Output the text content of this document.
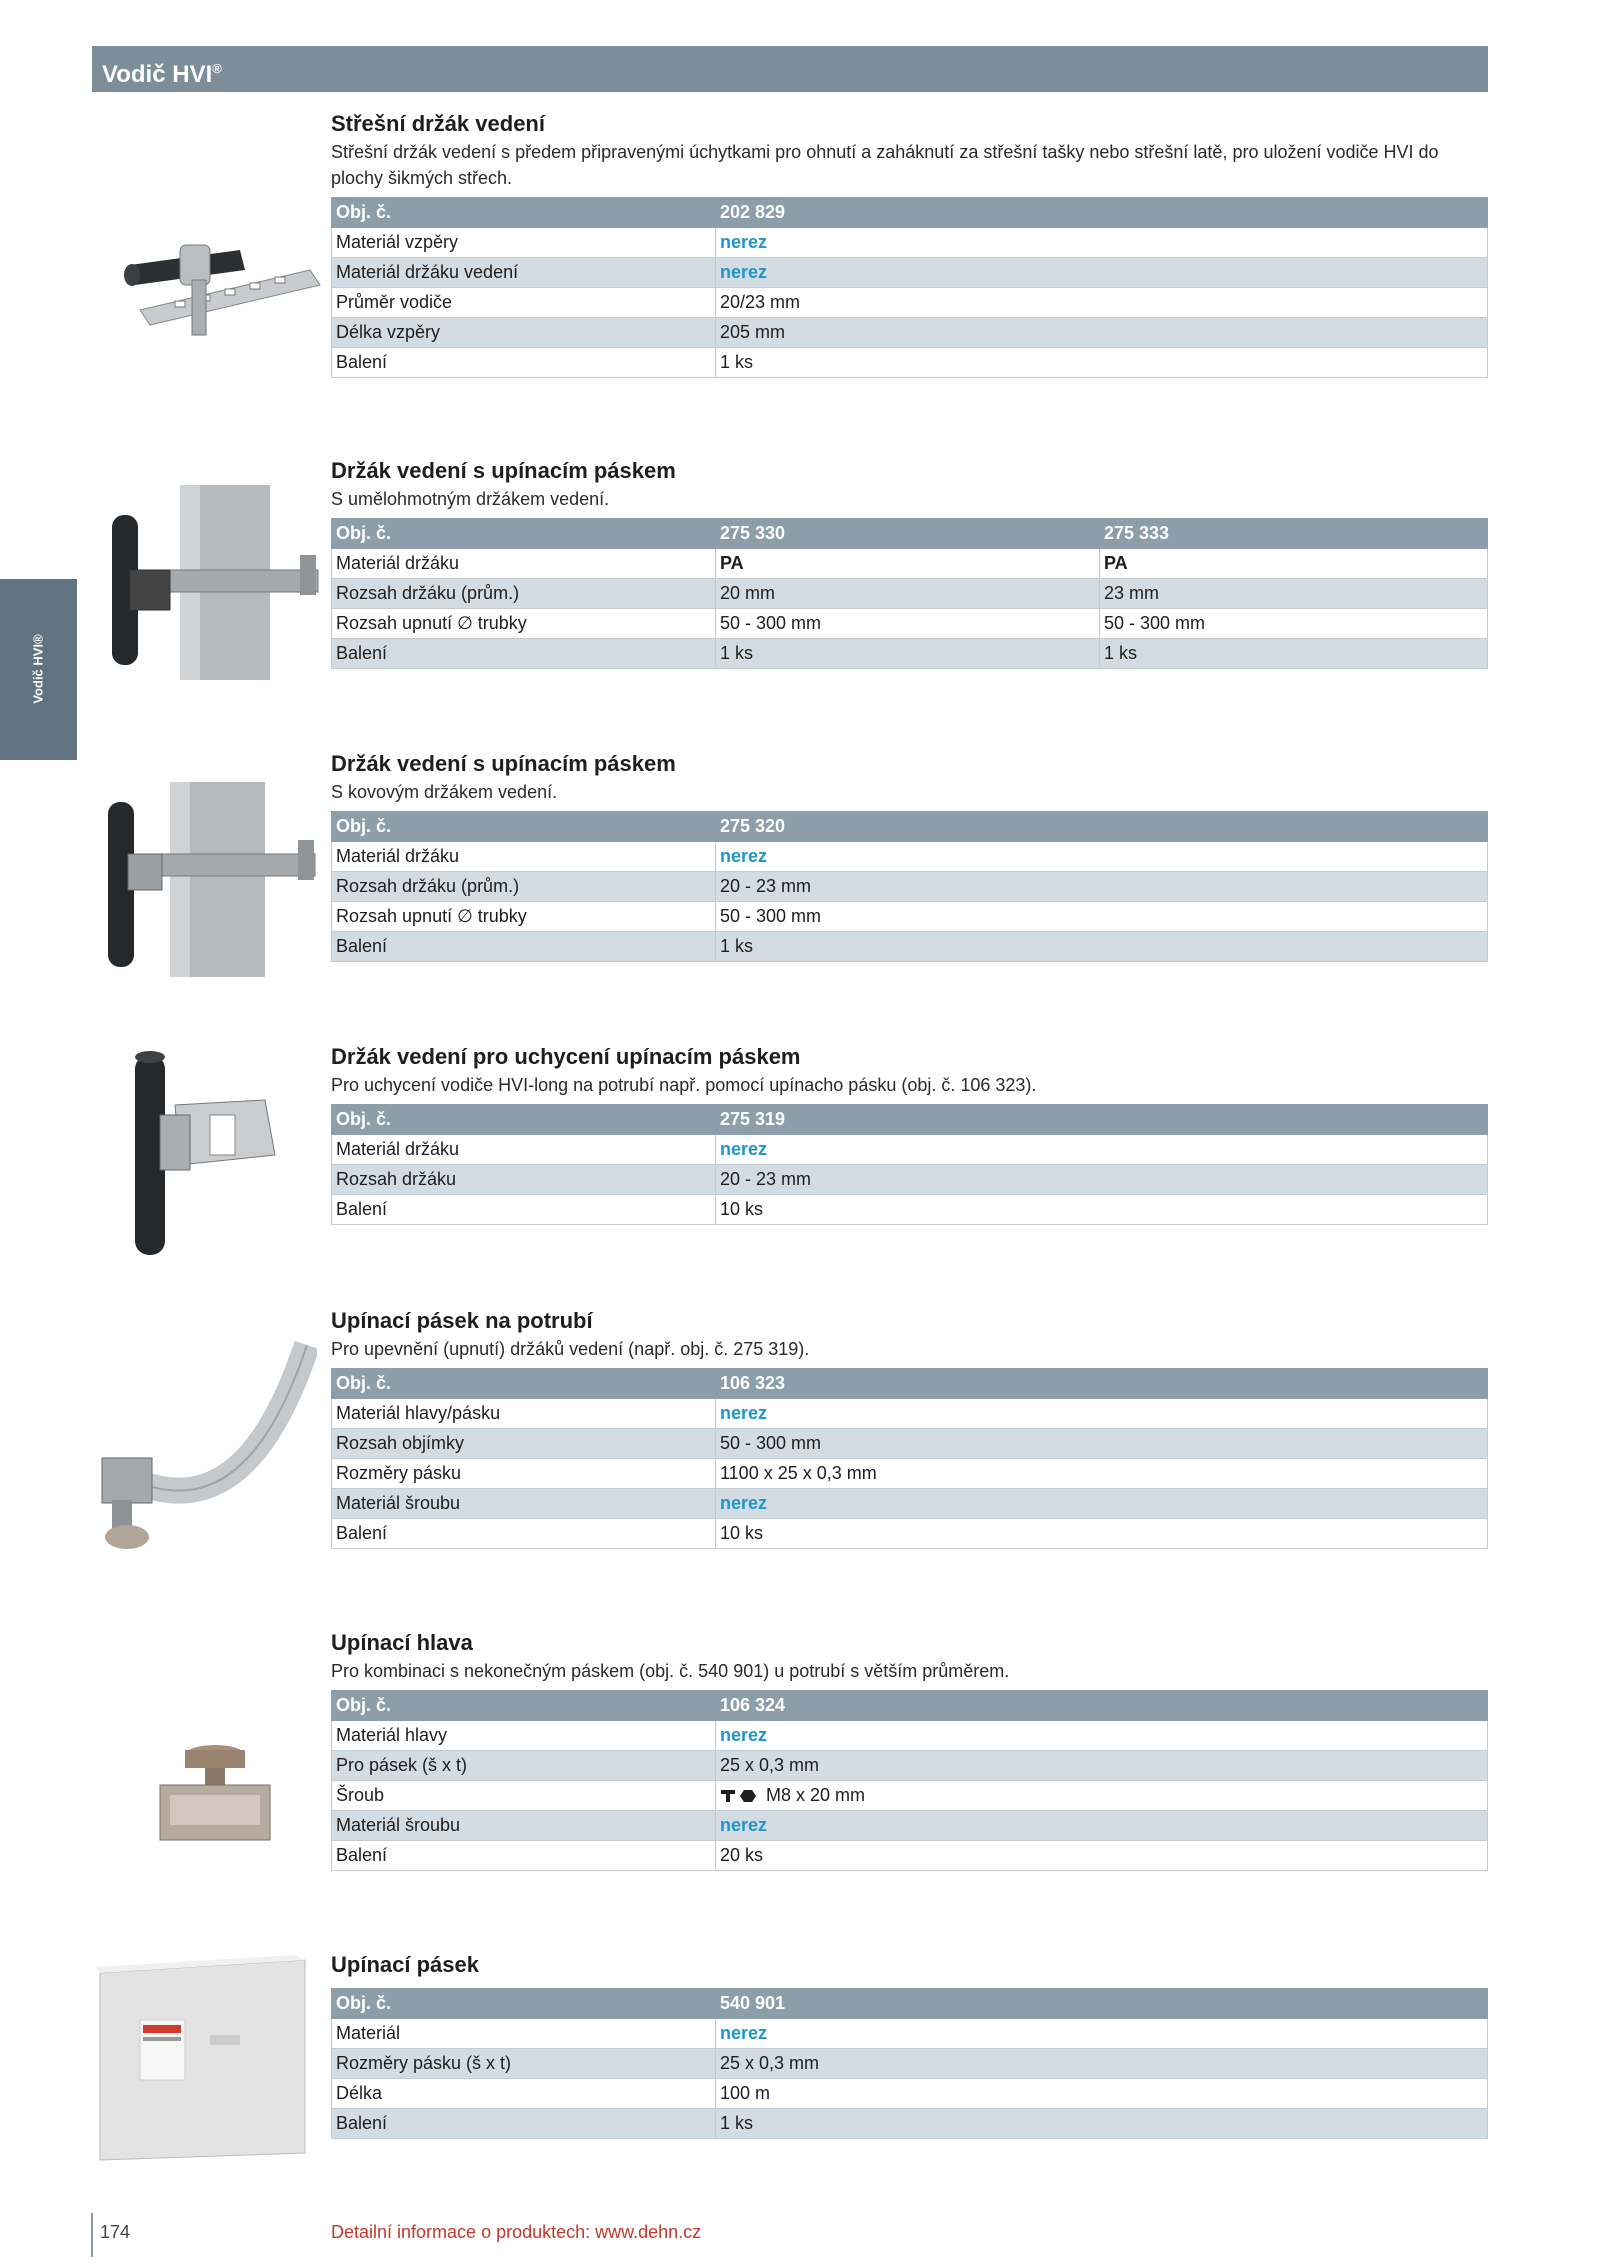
Vodič HVI®
Vodič HVI®
Střešní držák vedení

Střešní držák vedení s předem připravenými úchytkami pro ohnutí a zaháknutí za střešní tašky nebo střešní latě, pro uložení vodiče HVI do plochy šikmých střech.

Obj. č.	202 829
Materiál vzpěry	nerez
Materiál držáku vedení	nerez
Průměr vodiče	20/23 mm
Délka vzpěry	205 mm
Balení	1 ks
Držák vedení s upínacím páskem

S umělohmotným držákem vedení.

Obj. č.	275 330	275 333
Materiál držáku	PA	PA
Rozsah držáku (prům.)	20 mm	23 mm
Rozsah upnutí ∅ trubky	50 - 300 mm	50 - 300 mm
Balení	1 ks	1 ks
Držák vedení s upínacím páskem

S kovovým držákem vedení.

Obj. č.	275 320
Materiál držáku	nerez
Rozsah držáku (prům.)	20 - 23 mm
Rozsah upnutí ∅ trubky	50 - 300 mm
Balení	1 ks
Držák vedení pro uchycení upínacím páskem

Pro uchycení vodiče HVI-long na potrubí např. pomocí upínacho pásku (obj. č. 106 323).

Obj. č.	275 319
Materiál držáku	nerez
Rozsah držáku	20 - 23 mm
Balení	10 ks
Upínací pásek na potrubí

Pro upevnění (upnutí) držáků vedení (např. obj. č. 275 319).

Obj. č.	106 323
Materiál hlavy/pásku	nerez
Rozsah objímky	50 - 300 mm
Rozměry pásku	1100 x 25 x 0,3 mm
Materiál šroubu	nerez
Balení	10 ks
Upínací hlava

Pro kombinaci s nekonečným páskem (obj. č. 540 901) u potrubí s větším průměrem.

Obj. č.	106 324
Materiál hlavy	nerez
Pro pásek (š x t)	25 x 0,3 mm
Šroub	M8 x 20 mm
Materiál šroubu	nerez
Balení	20 ks
Upínací pásek
Obj. č.	540 901
Materiál	nerez
Rozměry pásku (š x t)	25 x 0,3 mm
Délka	100 m
Balení	1 ks
174	Detailní informace o produktech: www.dehn.cz
